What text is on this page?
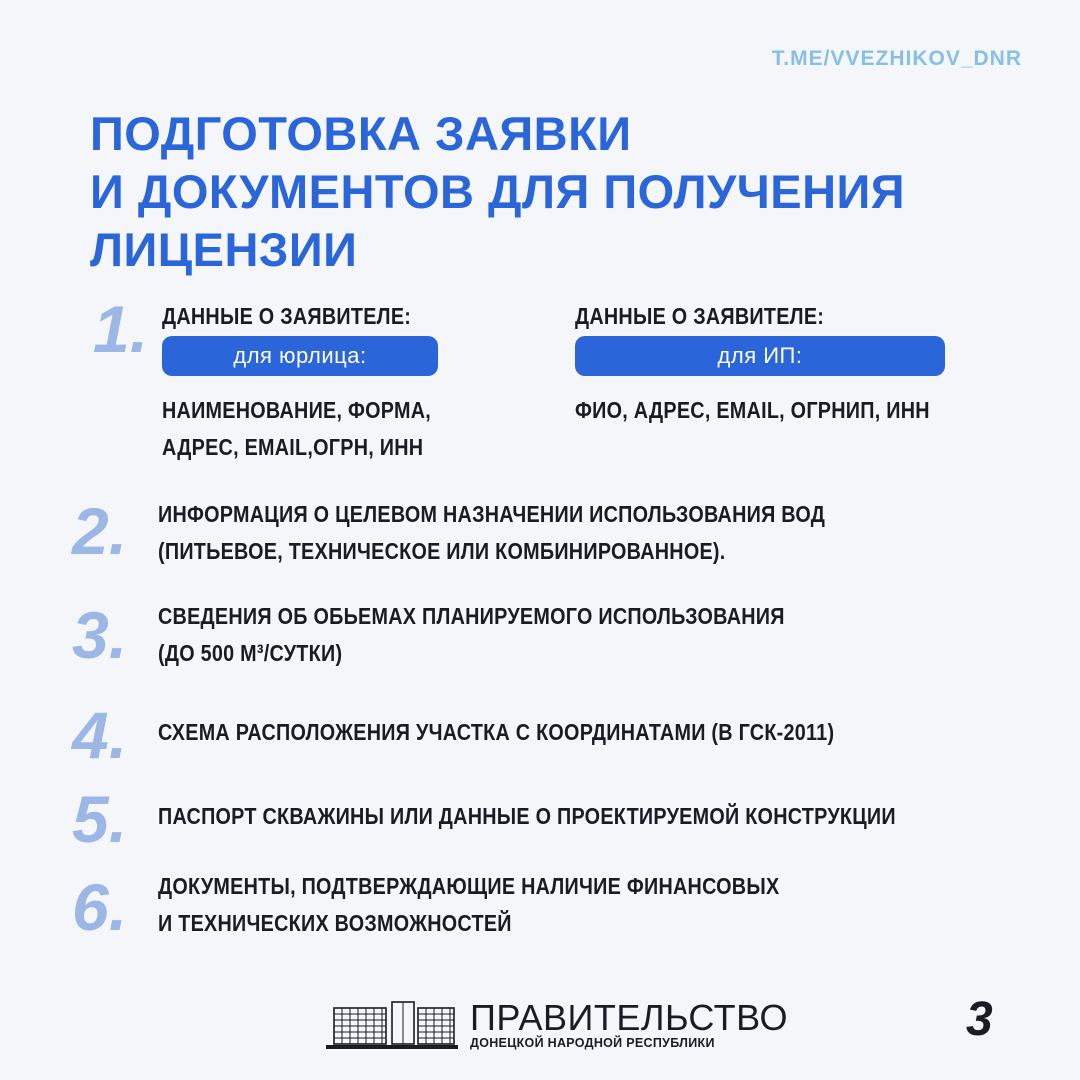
T.ME/VVEZHIKOV_DNR
ПОДГОТОВКА ЗАЯВКИ
И ДОКУМЕНТОВ ДЛЯ ПОЛУЧЕНИЯ
ЛИЦЕНЗИИ
1. ДАННЫЕ О ЗАЯВИТЕЛЕ:
для юрлица:
НАИМЕНОВАНИЕ, ФОРМА,
АДРЕС, EMAIL,ОГРН, ИНН
ДАННЫЕ О ЗАЯВИТЕЛЕ:
для ИП:
ФИО, АДРЕС, EMAIL, ОГРНИП, ИНН
2. ИНФОРМАЦИЯ О ЦЕЛЕВОМ НАЗНАЧЕНИИ ИСПОЛЬЗОВАНИЯ ВОД
(ПИТЬЕВОЕ, ТЕХНИЧЕСКОЕ ИЛИ КОМБИНИРОВАННОЕ).
3. СВЕДЕНИЯ ОБ ОБЬЕМАХ ПЛАНИРУЕМОГО ИСПОЛЬЗОВАНИЯ
(ДО 500 М³/СУТКИ)
4. СХЕМА РАСПОЛОЖЕНИЯ УЧАСТКА С КООРДИНАТАМИ (В ГСК-2011)
5. ПАСПОРТ СКВАЖИНЫ ИЛИ ДАННЫЕ О ПРОЕКТИРУЕМОЙ КОНСТРУКЦИИ
6. ДОКУМЕНТЫ, ПОДТВЕРЖДАЮЩИЕ НАЛИЧИЕ ФИНАНСОВЫХ
И ТЕХНИЧЕСКИХ ВОЗМОЖНОСТЕЙ
ПРАВИТЕЛЬСТВО
ДОНЕЦКОЙ НАРОДНОЙ РЕСПУБЛИКИ	3
